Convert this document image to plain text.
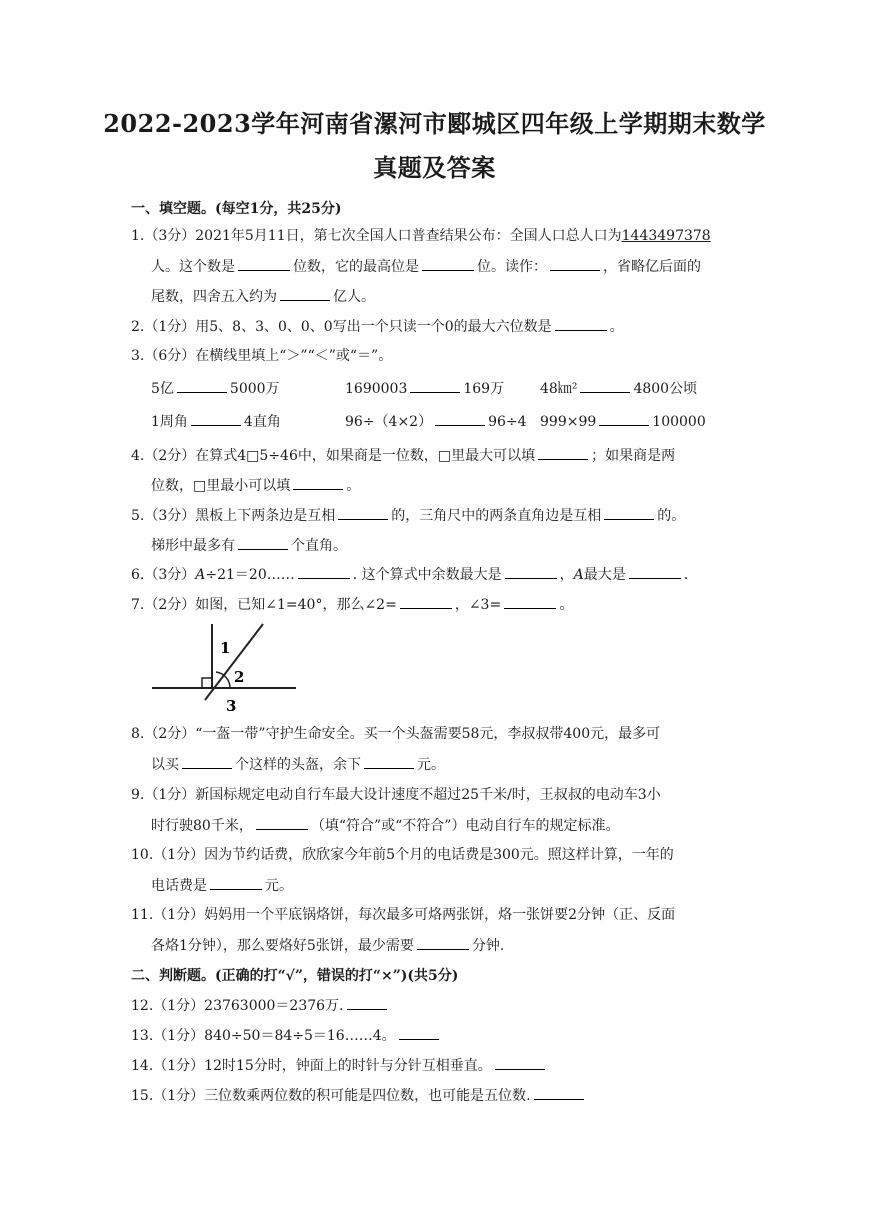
2022-2023学年河南省漯河市郾城区四年级上学期期末数学
真题及答案
一、填空题。(每空1分，共25分)
1.（3分）2021年5月11日，第七次全国人口普查结果公布：全国人口总人口为1443497378
人。这个数是	位数，它的最高位是	位。读作：	，省略亿后面的
尾数，四舍五入约为	亿人。
2.（1分）用5、8、3、0、0、0写出一个只读一个0的最大六位数是	。
3.（6分）在横线里填上“＞”“＜”或“＝”。
5亿	5000万	1690003	169万	48㎞²	4800公顷
1周角	4直角	96÷（4×2）	96÷4 999×99	100000
4.（2分）在算式4□5÷46中，如果商是一位数，□里最大可以填	；如果商是两
位数，□里最小可以填	。
5.（3分）黑板上下两条边是互相	的，三角尺中的两条直角边是互相	的。
梯形中最多有	个直角。
6.（3分）A÷21＝20……	. 这个算式中余数最大是	，A最大是	.
7.（2分）如图，已知∠1=40°，那么∠2=	，∠3=	。
1
2
3
8.（2分）“一盔一带”守护生命安全。买一个头盔需要58元，李叔叔带400元，最多可
以买	个这样的头盔，余下	元。
9.（1分）新国标规定电动自行车最大设计速度不超过25千米/时，王叔叔的电动车3小
时行驶80千米，	（填“符合”或“不符合”）电动自行车的规定标准。
10.（1分）因为节约话费，欣欣家今年前5个月的电话费是300元。照这样计算，一年的
电话费是	元。
11.（1分）妈妈用一个平底锅烙饼，每次最多可烙两张饼，烙一张饼要2分钟（正、反面
各烙1分钟），那么要烙好5张饼，最少需要	分钟.
二、判断题。(正确的打“√”，错误的打“×”)(共5分)
12.（1分）23763000＝2376万.
13.（1分）840÷50＝84÷5＝16……4。
14.（1分）12时15分时，钟面上的时针与分针互相垂直。
15.（1分）三位数乘两位数的积可能是四位数，也可能是五位数.
